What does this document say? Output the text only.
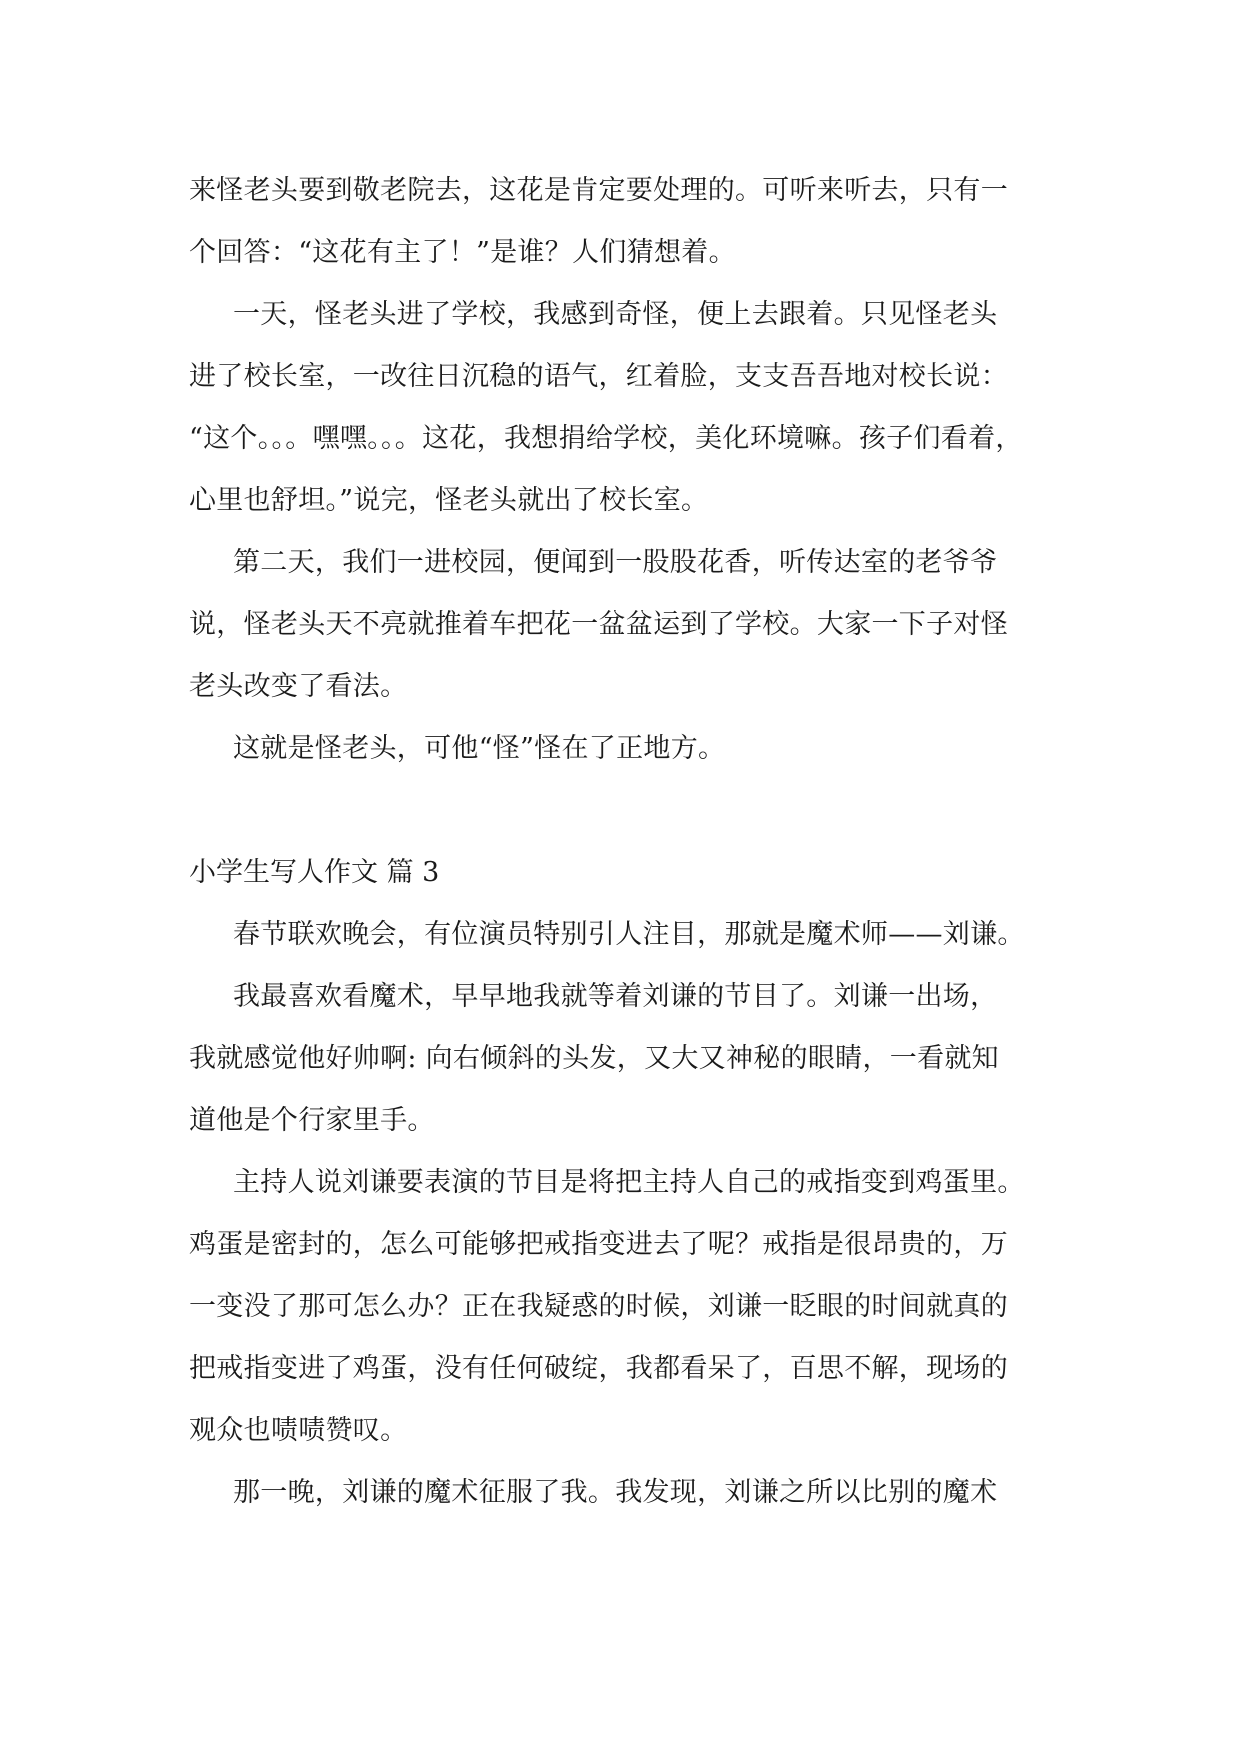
来怪老头要到敬老院去，这花是肯定要处理的。可听来听去，只有一
个回答：“这花有主了！”是谁？人们猜想着。
一天，怪老头进了学校，我感到奇怪，便上去跟着。只见怪老头
进了校长室，一改往日沉稳的语气，红着脸，支支吾吾地对校长说：
“这个。。。嘿嘿。。。这花，我想捐给学校，美化环境嘛。孩子们看着，
心里也舒坦。”说完，怪老头就出了校长室。
第二天，我们一进校园，便闻到一股股花香，听传达室的老爷爷
说，怪老头天不亮就推着车把花一盆盆运到了学校。大家一下子对怪
老头改变了看法。
这就是怪老头，可他“怪”怪在了正地方。
小学生写人作文 篇 3
春节联欢晚会，有位演员特别引人注目，那就是魔术师——刘谦。
我最喜欢看魔术，早早地我就等着刘谦的节目了。刘谦一出场，
我就感觉他好帅啊: 向右倾斜的头发，又大又神秘的眼睛，一看就知
道他是个行家里手。
主持人说刘谦要表演的节目是将把主持人自己的戒指变到鸡蛋里。
鸡蛋是密封的，怎么可能够把戒指变进去了呢？戒指是很昂贵的，万
一变没了那可怎么办？正在我疑惑的时候，刘谦一眨眼的时间就真的
把戒指变进了鸡蛋，没有任何破绽，我都看呆了，百思不解，现场的
观众也啧啧赞叹。
那一晚，刘谦的魔术征服了我。我发现，刘谦之所以比别的魔术
